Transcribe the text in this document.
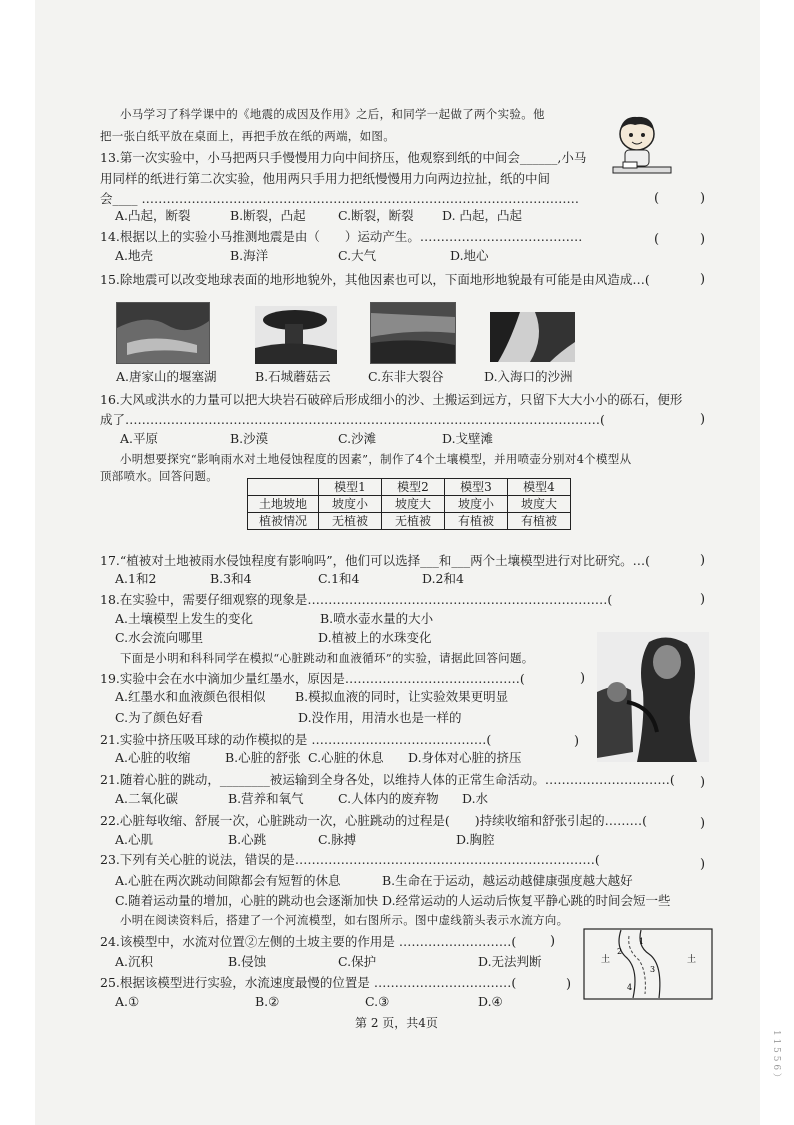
1 1 5 5 6 ）
小马学习了科学课中的《地震的成因及作用》之后，和同学一起做了两个实验。他
把一张白纸平放在桌面上，再把手放在纸的两端，如图。
13.第一次实验中，小马把两只手慢慢用力向中间挤压，他观察到纸的中间会______,小马
用同样的纸进行第二次实验，他用两只手用力把纸慢慢用力向两边拉扯，纸的中间
会____ ……………………………………………………………………………………………	(	)
A.凸起，断裂	B.断裂，凸起	C.断裂，断裂 D. 凸起，凸起
14.根据以上的实验小马推测地震是由（　　）运动产生。…………………………………	(	)
A.地壳	B.海洋	C.大气	D.地心
15.除地震可以改变地球表面的地形地貌外，其他因素也可以，下面地形地貌最有可能是由风造成…(	)
A.唐家山的堰塞湖	B.石城蘑菇云	C.东非大裂谷	D.入海口的沙洲
16.大风或洪水的力量可以把大块岩石破碎后形成细小的沙、土搬运到远方，只留下大大小小的砾石，便形
成了……………………………………………………………………………………………………(	)
A.平原	B.沙漠	C.沙滩	D.戈壁滩
小明想要探究“影响雨水对土地侵蚀程度的因素”，制作了4个土壤模型，并用喷壶分别对4个模型从
顶部喷水。回答问题。
	模型1	模型2	模型3	模型4
土地坡地	坡度小	坡度大	坡度小	坡度大
植被情况	无植被	无植被	有植被	有植被
17.“植被对土地被雨水侵蚀程度有影响吗”，他们可以选择___和___两个土壤模型进行对比研究。…(	)
A.1和2	B.3和4	C.1和4	D.2和4
18.在实验中，需要仔细观察的现象是………………………………………………………………(	)
A.土壤模型上发生的变化	B.喷水壶水量的大小
C.水会流向哪里	D.植被上的水珠变化
下面是小明和科科同学在模拟“心脏跳动和血液循环”的实验，请据此回答问题。
19.实验中会在水中滴加少量红墨水，原因是……………………………………(	)
A.红墨水和血液颜色很相似 B.模拟血液的同时，让实验效果更明显
C.为了颜色好看	D.没作用，用清水也是一样的
21.实验中挤压吸耳球的动作模拟的是 ……………………………………(	)
A.心脏的收缩	B.心脏的舒张 C.心脏的休息 D.身体对心脏的挤压
21.随着心脏的跳动，________被运输到全身各处，以维持人体的正常生命活动。…………………………( )
A.二氧化碳	B.营养和氧气	C.人体内的废弃物 D.水
22.心脏每收缩、舒展一次，心脏跳动一次，心脏跳动的过程是(　　)持续收缩和舒张引起的………(	)
A.心肌	B.心跳	C.脉搏	D.胸腔
23.下列有关心脏的说法，错误的是………………………………………………………………(	)
A.心脏在两次跳动间隙都会有短暂的休息	B.生命在于运动，越运动越健康强度越大越好
C.随着运动量的增加，心脏的跳动也会逐渐加快 D.经常运动的人运动后恢复平静心跳的时间会短一些
小明在阅读资料后，搭建了一个河流模型，如右图所示。图中虚线箭头表示水流方向。
24.该模型中，水流对位置②左侧的土坡主要的作用是 ………………………(	)
A.沉积	B.侵蚀	C.保护	D.无法判断	土
2
3
4
1
土
25.根据该模型进行实验，水流速度最慢的位置是 ……………………………(	)
A.①	B.②	C.③	D.④
第 2 页，共4页
